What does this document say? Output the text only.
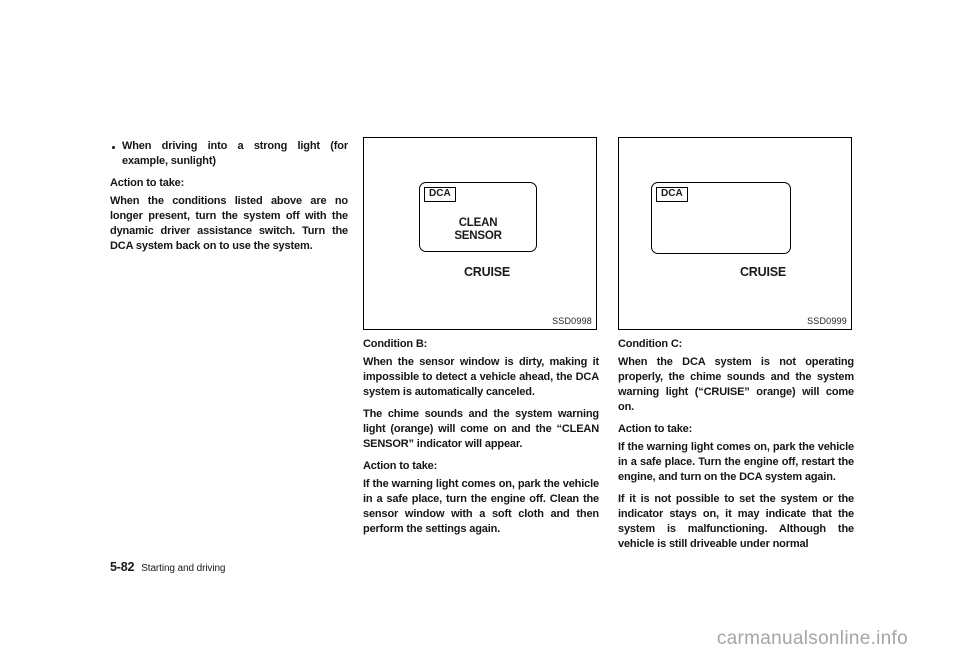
When driving into a strong light (for example, sunlight)
Action to take:

When the conditions listed above are no longer present, turn the system off with the dynamic driver assistance switch. Turn the DCA system back on to use the system.

DCA
CLEAN
SENSOR
CRUISE
SSD0998
Condition B:

When the sensor window is dirty, making it impossible to detect a vehicle ahead, the DCA system is automatically canceled.

The chime sounds and the system warning light (orange) will come on and the “CLEAN SENSOR” indicator will appear.

Action to take:

If the warning light comes on, park the vehicle in a safe place, turn the engine off. Clean the sensor window with a soft cloth and then perform the settings again.

DCA
CRUISE
SSD0999
Condition C:

When the DCA system is not operating properly, the chime sounds and the system warning light (“CRUISE” orange) will come on.

Action to take:

If the warning light comes on, park the vehicle in a safe place. Turn the engine off, restart the engine, and turn on the DCA system again.

If it is not possible to set the system or the indicator stays on, it may indicate that the system is malfunctioning. Although the vehicle is still driveable under normal

5-82 Starting and driving
carmanualsonline.info
